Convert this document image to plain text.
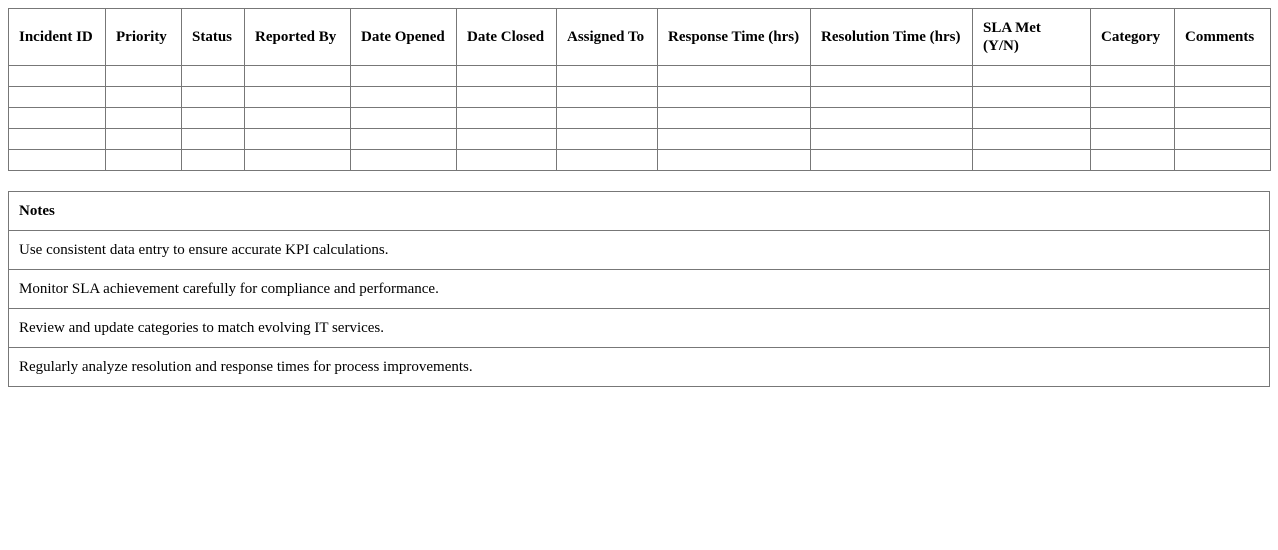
Incident ID	Priority	Status	Reported By	Date Opened	Date Closed	Assigned To	Response Time (hrs)	Resolution Time (hrs)	SLA Met (Y/N)	Category	Comments

Notes
Use consistent data entry to ensure accurate KPI calculations.
Monitor SLA achievement carefully for compliance and performance.
Review and update categories to match evolving IT services.
Regularly analyze resolution and response times for process improvements.
